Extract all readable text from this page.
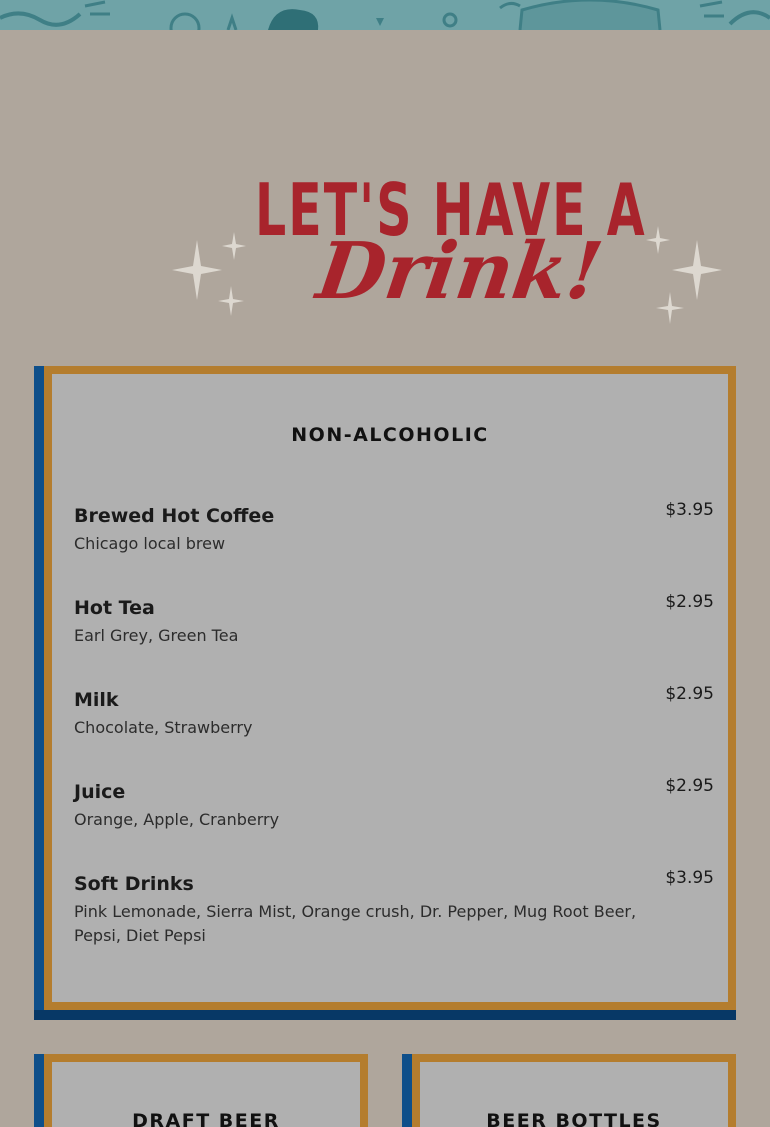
LET'S HAVE A
Drink!
NON-ALCOHOLIC
Brewed Hot Coffee
Chicago local brew
$3.95
Hot Tea
Earl Grey, Green Tea
$2.95
Milk
Chocolate, Strawberry
$2.95
Juice
Orange, Apple, Cranberry
$2.95
Soft Drinks
Pink Lemonade, Sierra Mist, Orange crush, Dr. Pepper, Mug Root Beer, Pepsi, Diet Pepsi
$3.95
DRAFT BEER	BEER BOTTLES
